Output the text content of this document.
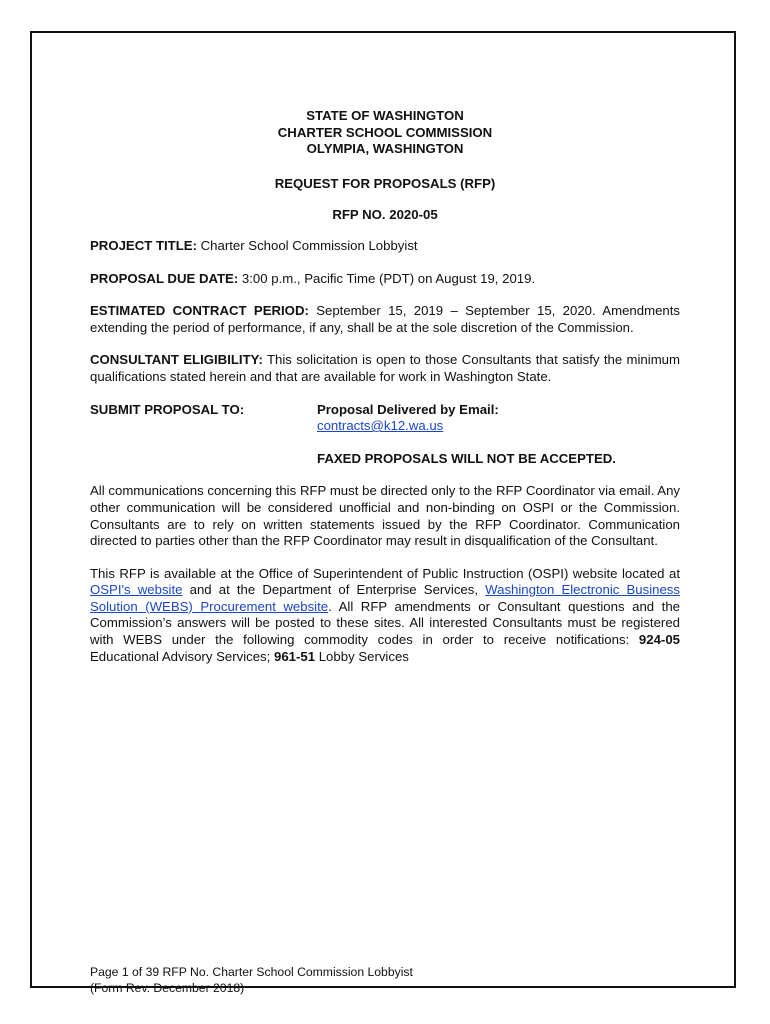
STATE OF WASHINGTON
CHARTER SCHOOL COMMISSION
OLYMPIA, WASHINGTON
REQUEST FOR PROPOSALS (RFP)
RFP NO. 2020-05

PROJECT TITLE: Charter School Commission Lobbyist

PROPOSAL DUE DATE: 3:00 p.m., Pacific Time (PDT) on August 19, 2019.

ESTIMATED CONTRACT PERIOD: September 15, 2019 – September 15, 2020. Amendments extending the period of performance, if any, shall be at the sole discretion of the Commission.

CONSULTANT ELIGIBILITY: This solicitation is open to those Consultants that satisfy the minimum qualifications stated herein and that are available for work in Washington State.

SUBMIT PROPOSAL TO:	Proposal Delivered by Email:
contracts@k12.wa.us
FAXED PROPOSALS WILL NOT BE ACCEPTED.

All communications concerning this RFP must be directed only to the RFP Coordinator via email. Any other communication will be considered unofficial and non-binding on OSPI or the Commission. Consultants are to rely on written statements issued by the RFP Coordinator. Communication directed to parties other than the RFP Coordinator may result in disqualification of the Consultant.

This RFP is available at the Office of Superintendent of Public Instruction (OSPI) website located at OSPI's website and at the Department of Enterprise Services, Washington Electronic Business Solution (WEBS) Procurement website. All RFP amendments or Consultant questions and the Commission’s answers will be posted to these sites. All interested Consultants must be registered with WEBS under the following commodity codes in order to receive notifications: 924-05 Educational Advisory Services; 961-51 Lobby Services

Page 1 of 39 RFP No. Charter School Commission Lobbyist
(Form Rev. December 2018)
